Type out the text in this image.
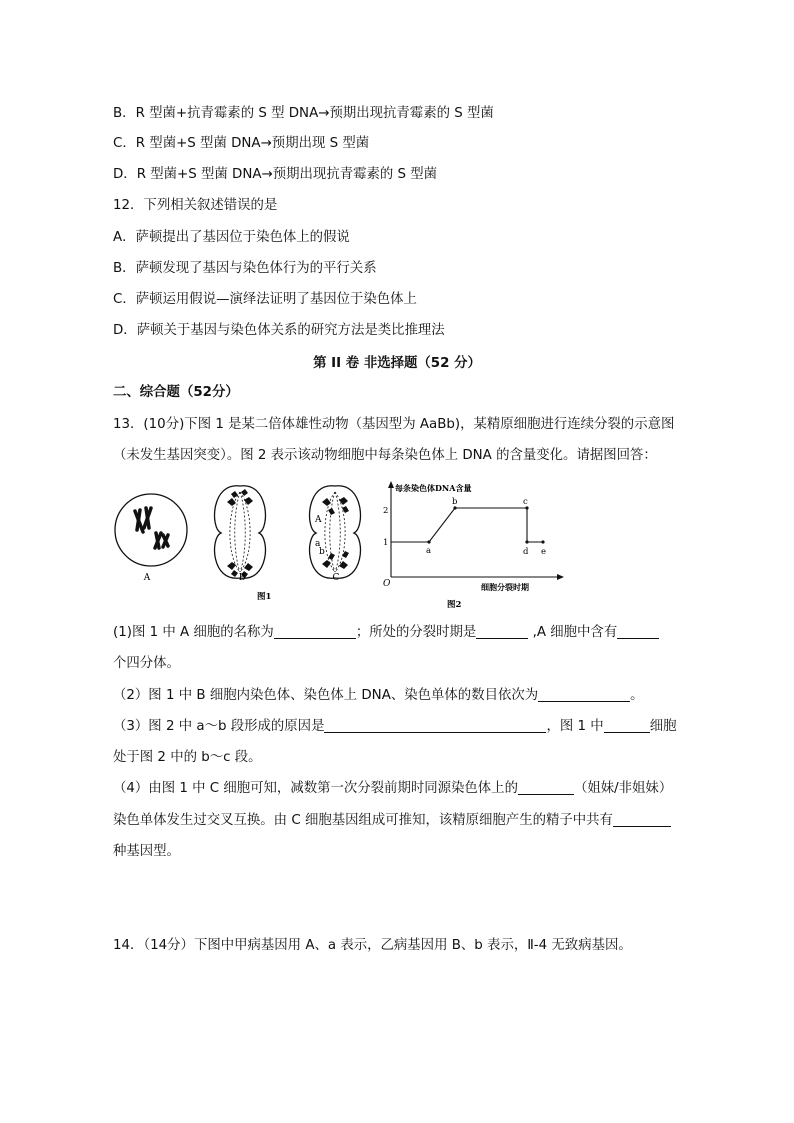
B．R 型菌+抗青霉素的 S 型 DNA→预期出现抗青霉素的 S 型菌
C．R 型菌+S 型菌 DNA→预期出现 S 型菌
D．R 型菌+S 型菌 DNA→预期出现抗青霉素的 S 型菌
12．下列相关叙述错误的是
A．萨顿提出了基因位于染色体上的假说
B．萨顿发现了基因与染色体行为的平行关系
C．萨顿运用假说—演绎法证明了基因位于染色体上
D．萨顿关于基因与染色体关系的研究方法是类比推理法
第 II 卷 非选择题（52 分）
二、综合题（52分）
13．(10分)下图 1 是某二倍体雄性动物（基因型为 AaBb)，某精原细胞进行连续分裂的示意图
（未发生基因突变）。图 2 表示该动物细胞中每条染色体上 DNA 的含量变化。请据图回答：
A	B
A
a
b
C
图1
每条染色体DNA含量
细胞分裂时期
O
1
2
a
b	c
d e
图2
(1)图 1 中 A 细胞的名称为	；所处的分裂时期是	,A 细胞中含有
个四分体。
（2）图 1 中 B 细胞内染色体、染色体上 DNA、染色单体的数目依次为	。
（3）图 2 中 a～b 段形成的原因是	，图 1 中	细胞
处于图 2 中的 b～c 段。
（4）由图 1 中 C 细胞可知，减数第一次分裂前期时同源染色体上的	（姐妹/非姐妹）
染色单体发生过交叉互换。由 C 细胞基因组成可推知，该精原细胞产生的精子中共有
种基因型。
14．（14分）下图中甲病基因用 A、a 表示，乙病基因用 B、b 表示，Ⅱ-4 无致病基因。
